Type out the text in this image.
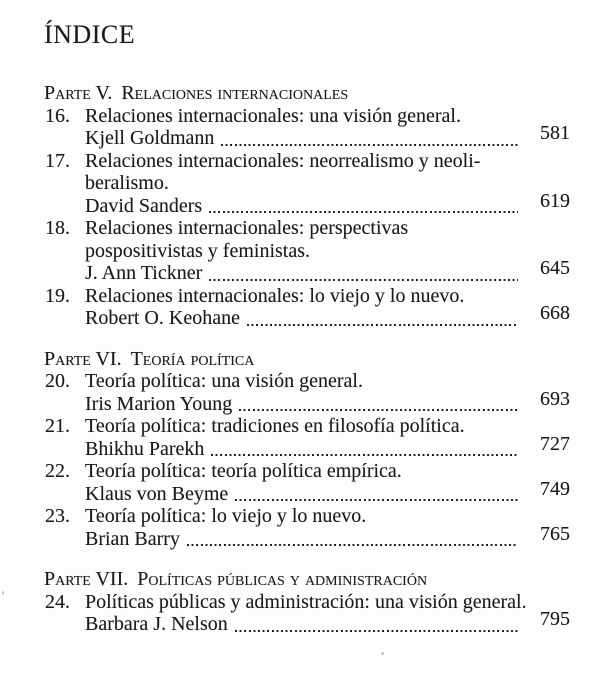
ÍNDICE
Parte V. Relaciones internacionales
16. Relaciones internacionales: una visión general.
Kjell Goldmann	581
17. Relaciones internacionales: neorrealismo y neoli-
beralismo.
David Sanders	619
18. Relaciones internacionales: perspectivas
pospositivistas y feministas.
J. Ann Tickner	645
19. Relaciones internacionales: lo viejo y lo nuevo.
Robert O. Keohane	668
Parte VI. Teoría política
20. Teoría política: una visión general.
Iris Marion Young	693
21. Teoría política: tradiciones en filosofía política.
Bhikhu Parekh	727
22. Teoría política: teoría política empírica.
Klaus von Beyme	749
23. Teoría política: lo viejo y lo nuevo.
Brian Barry	765
Parte VII. Políticas públicas y administración
24. Políticas públicas y administración: una visión general.
Barbara J. Nelson	795
